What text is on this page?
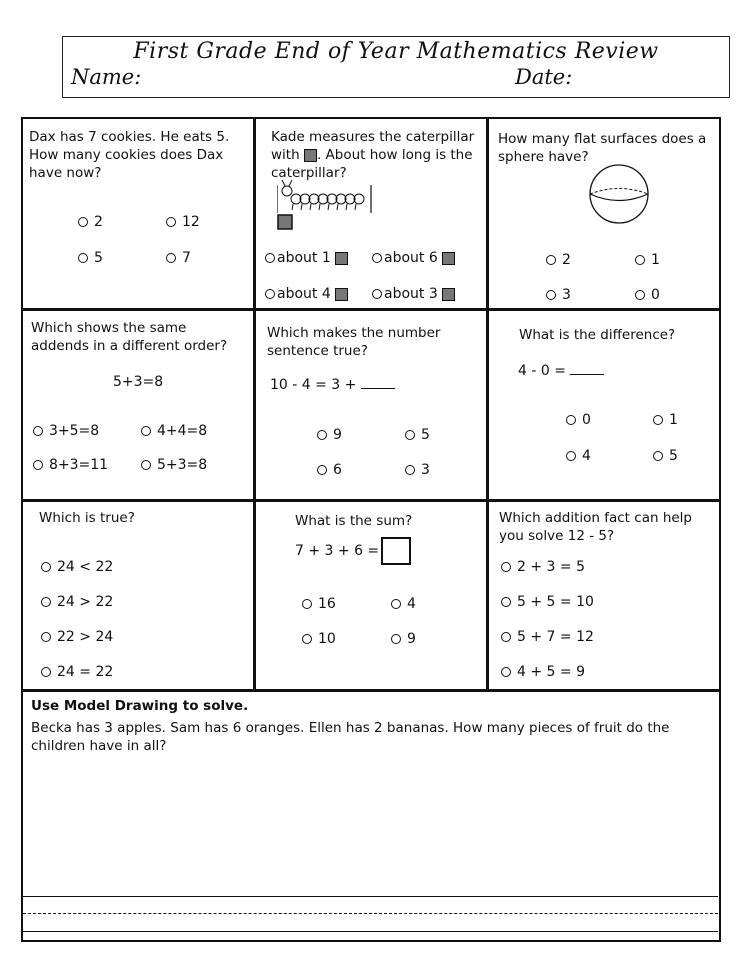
First Grade End of Year Mathematics Review
Name:	Date:
Dax has 7 cookies. He eats 5. How many cookies does Dax have now?
2	12
5	7
Kade measures the caterpillar with . About how long is the caterpillar?
about 1	about 6
about 4	about 3
How many flat surfaces does a sphere have?
2	1
3	0
Which shows the same addends in a different order?
5+3=8
3+5=8	4+4=8
8+3=11	5+3=8
Which makes the number sentence true?
10 - 4 = 3 +
9	5
6	3
What is the difference?
4 - 0 =
0	1
4	5
Which is true?
24 < 22
24 > 22
22 > 24
24 = 22
What is the sum?
7 + 3 + 6 =
16	4
10	9
Which addition fact can help you solve 12 - 5?
2 + 3 = 5
5 + 5 = 10
5 + 7 = 12
4 + 5 = 9
Use Model Drawing to solve.
Becka has 3 apples. Sam has 6 oranges. Ellen has 2 bananas. How many pieces of fruit do the children have in all?
